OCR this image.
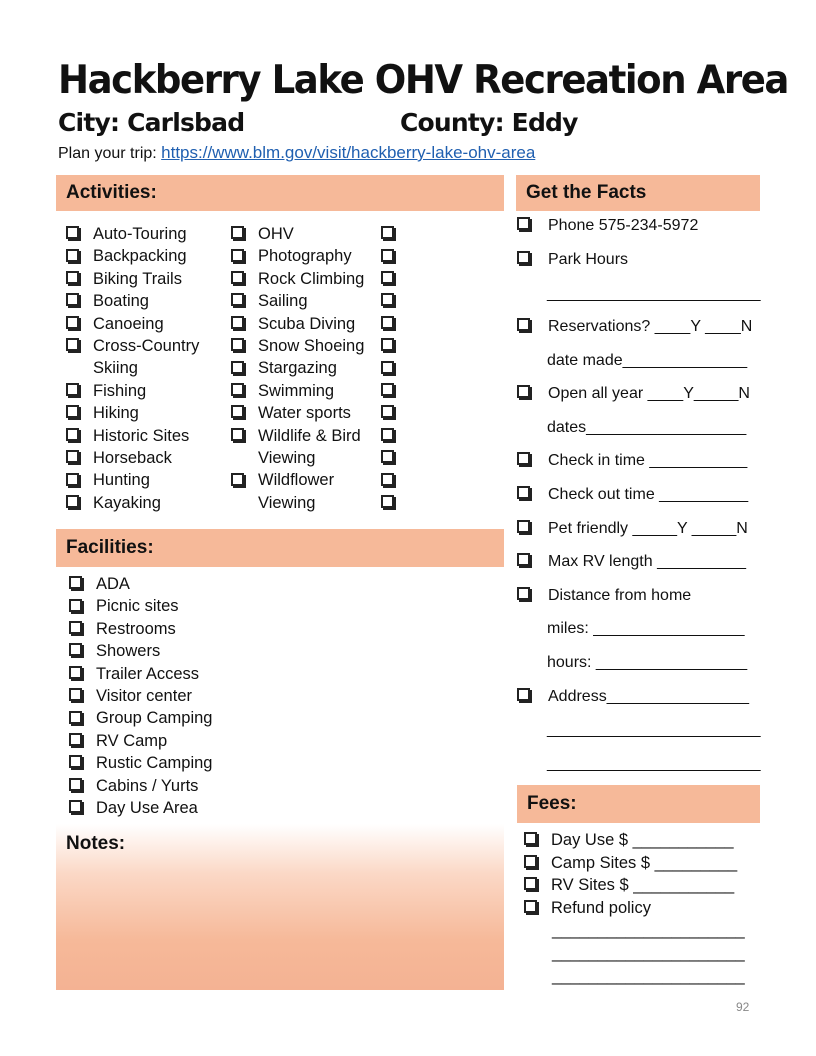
Hackberry Lake OHV Recreation Area
City: Carlsbad	County: Eddy
Plan your trip: https://www.blm.gov/visit/hackberry-lake-ohv-area
Activities:
Auto-Touring
Backpacking
Biking Trails
Boating
Canoeing
Cross-Country
Skiing
Fishing
Hiking
Historic Sites
Horseback
Hunting
Kayaking
OHV
Photography
Rock Climbing
Sailing
Scuba Diving
Snow Shoeing
Stargazing
Swimming
Water sports
Wildlife & Bird
Viewing
Wildflower
Viewing
Facilities:
ADA
Picnic sites
Restrooms
Showers
Trailer Access
Visitor center
Group Camping
RV Camp
Rustic Camping
Cabins / Yurts
Day Use Area
Notes:
Get the Facts
Phone 575-234-5972
Park Hours
________________________
Reservations? ____Y ____N
date made______________
Open all year ____Y_____N
dates__________________
Check in time ___________
Check out time __________
Pet friendly _____Y _____N
Max RV length __________
Distance from home
miles: _________________
hours: _________________
Address________________
________________________
________________________
Fees:
Day Use $ ___________
Camp Sites $ _________
RV Sites $ ___________
Refund policy
_____________________
_____________________
_____________________
92
